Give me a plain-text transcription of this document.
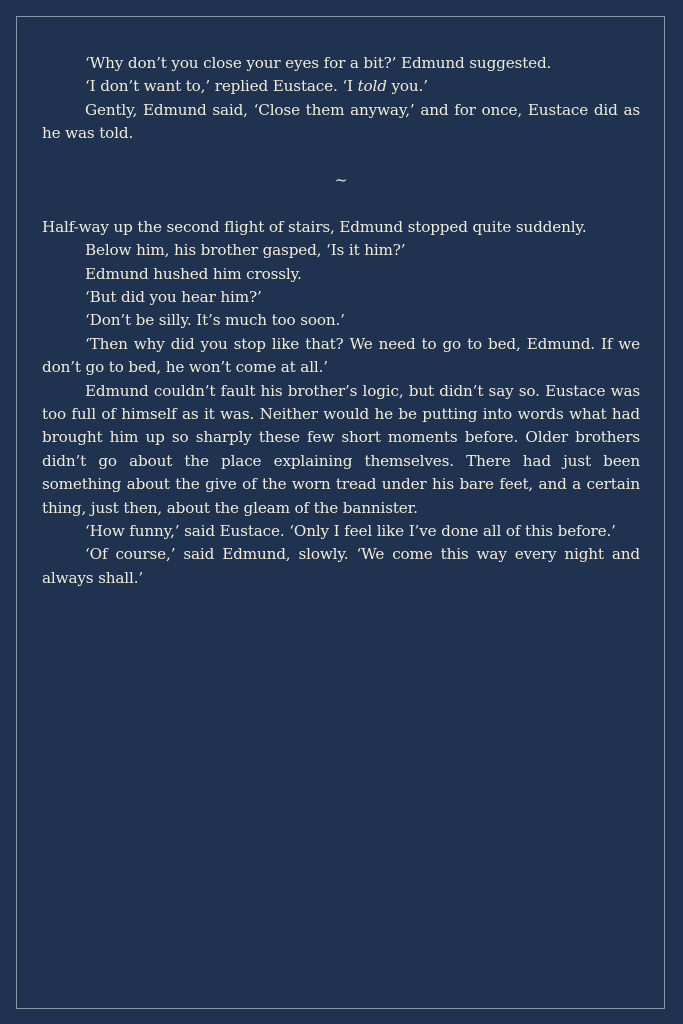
‘Why don’t you close your eyes for a bit?’ Edmund suggested.

‘I don’t want to,’ replied Eustace. ‘I told you.’

Gently, Edmund said, ‘Close them anyway,’ and for once, Eustace did as he was told.

~

Half-way up the second flight of stairs, Edmund stopped quite suddenly.

Below him, his brother gasped, ‘Is it him?’

Edmund hushed him crossly.

‘But did you hear him?’

‘Don’t be silly. It’s much too soon.’

‘Then why did you stop like that? We need to go to bed, Edmund. If we don’t go to bed, he won’t come at all.’

Edmund couldn’t fault his brother’s logic, but didn’t say so. Eustace was too full of himself as it was. Neither would he be putting into words what had brought him up so sharply these few short moments before. Older brothers didn’t go about the place explaining themselves. There had just been something about the give of the worn tread under his bare feet, and a certain thing, just then, about the gleam of the bannister.

‘How funny,’ said Eustace. ‘Only I feel like I’ve done all of this before.’

‘Of course,’ said Edmund, slowly. ‘We come this way every night and always shall.’
